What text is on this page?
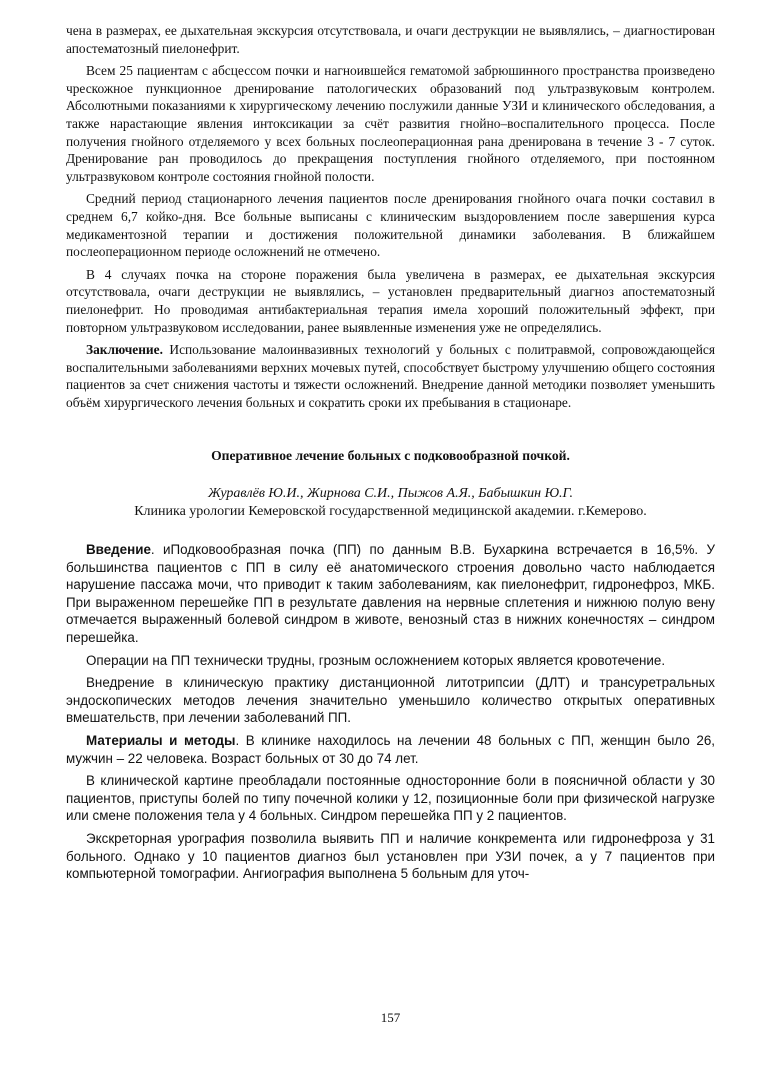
чена в размерах, ее дыхательная экскурсия отсутствовала, и очаги деструкции не выявлялись, – диагностирован апостематозный пиелонефрит.

Всем 25 пациентам с абсцессом почки и нагноившейся гематомой забрюшинного пространства произведено чрескожное пункционное дренирование патологических образований под ультразвуковым контролем. Абсолютными показаниями к хирургическому лечению послужили данные УЗИ и клинического обследования, а также нарастающие явления интоксикации за счёт развития гнойно–воспалительного процесса. После получения гнойного отделяемого у всех больных послеоперационная рана дренирована в течение 3 - 7 суток. Дренирование ран проводилось до прекращения поступления гнойного отделяемого, при постоянном ультразвуковом контроле состояния гнойной полости.

Средний период стационарного лечения пациентов после дренирования гнойного очага почки составил в среднем 6,7 койко-дня. Все больные выписаны с клиническим выздоровлением после завершения курса медикаментозной терапии и достижения положительной динамики заболевания. В ближайшем послеоперационном периоде осложнений не отмечено.

В 4 случаях почка на стороне поражения была увеличена в размерах, ее дыхательная экскурсия отсутствовала, очаги деструкции не выявлялись, – установлен предварительный диагноз апостематозный пиелонефрит. Но проводимая антибактериальная терапия имела хороший положительный эффект, при повторном ультразвуковом исследовании, ранее выявленные изменения уже не определялись.

Заключение. Использование малоинвазивных технологий у больных с политравмой, сопровождающейся воспалительными заболеваниями верхних мочевых путей, способствует быстрому улучшению общего состояния пациентов за счет снижения частоты и тяжести осложнений. Внедрение данной методики позволяет уменьшить объём хирургического лечения больных и сократить сроки их пребывания в стационаре.

Оперативное лечение больных с подковообразной почкой.
Журавлёв Ю.И., Жирнова С.И., Пыжов А.Я., Бабышкин Ю.Г.
Клиника урологии Кемеровской государственной медицинской академии. г.Кемерово.

Введение. иПодковообразная почка (ПП) по данным В.В. Бухаркина встречается в 16,5%. У большинства пациентов с ПП в силу её анатомического строения довольно часто наблюдается нарушение пассажа мочи, что приводит к таким заболеваниям, как пиелонефрит, гидронефроз, МКБ. При выраженном перешейке ПП в результате давления на нервные сплетения и нижнюю полую вену отмечается выраженный болевой синдром в животе, венозный стаз в нижних конечностях – синдром перешейка.

Операции на ПП технически трудны, грозным осложнением которых является кровотечение.

Внедрение в клиническую практику дистанционной литотрипсии (ДЛТ) и трансуретральных эндоскопических методов лечения значительно уменьшило количество открытых оперативных вмешательств, при лечении заболеваний ПП.

Материалы и методы. В клинике находилось на лечении 48 больных с ПП, женщин было 26, мужчин – 22 человека. Возраст больных от 30 до 74 лет.

В клинической картине преобладали постоянные односторонние боли в поясничной области у 30 пациентов, приступы болей по типу почечной колики у 12, позиционные боли при физической нагрузке или смене положения тела у 4 больных. Синдром перешейка ПП у 2 пациентов.

Экскреторная урография позволила выявить ПП и наличие конкремента или гидронефроза у 31 больного. Однако у 10 пациентов диагноз был установлен при УЗИ почек, а у 7 пациентов при компьютерной томографии. Ангиография выполнена 5 больным для уточ-

157
